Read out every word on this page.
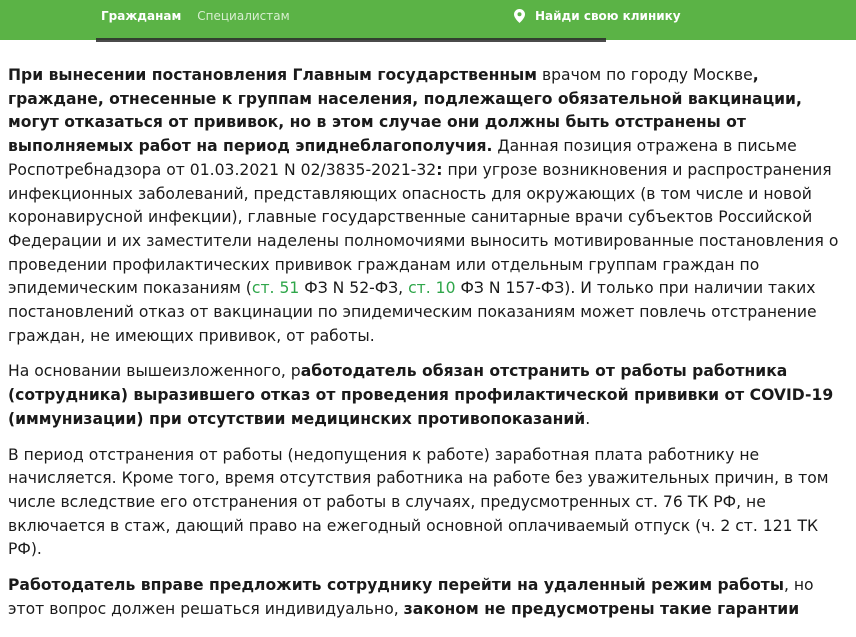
Гражданам Специалистам	Найди свою клинику

При вынесении постановления Главным государственным врачом по городу Москве, граждане, отнесенные к группам населения, подлежащего обязательной вакцинации, могут отказаться от прививок, но в этом случае они должны быть отстранены от выполняемых работ на период эпиднеблагополучия. Данная позиция отражена в письме Роспотребнадзора от 01.03.2021 N 02/3835-2021-32: при угрозе возникновения и распространения инфекционных заболеваний, представляющих опасность для окружающих (в том числе и новой коронавирусной инфекции), главные государственные санитарные врачи субъектов Российской Федерации и их заместители наделены полномочиями выносить мотивированные постановления о проведении профилактических прививок гражданам или отдельным группам граждан по эпидемическим показаниям (ст. 51 ФЗ N 52-ФЗ, ст. 10 ФЗ N 157-ФЗ). И только при наличии таких постановлений отказ от вакцинации по эпидемическим показаниям может повлечь отстранение граждан, не имеющих прививок, от работы.

На основании вышеизложенного, работодатель обязан отстранить от работы работника (сотрудника) выразившего отказ от проведения профилактической прививки от COVID-19 (иммунизации) при отсутствии медицинских противопоказаний.

В период отстранения от работы (недопущения к работе) заработная плата работнику не начисляется. Кроме того, время отсутствия работника на работе без уважительных причин, в том числе вследствие его отстранения от работы в случаях, предусмотренных ст. 76 ТК РФ, не включается в стаж, дающий право на ежегодный основной оплачиваемый отпуск (ч. 2 ст. 121 ТК РФ).

Работодатель вправе предложить сотруднику перейти на удаленный режим работы, но этот вопрос должен решаться индивидуально, законом не предусмотрены такие гарантии
